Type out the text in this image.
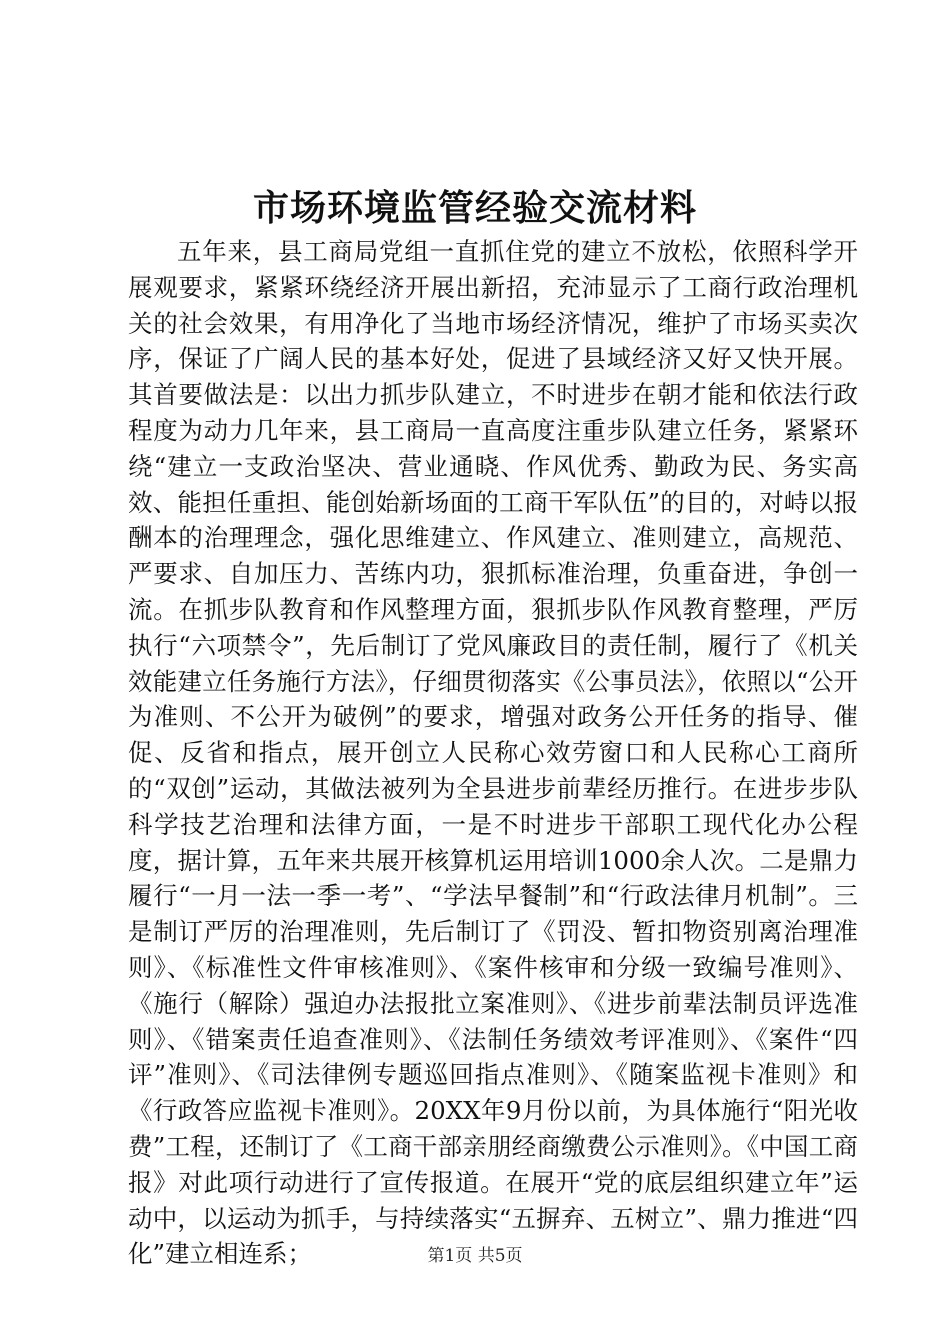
市场环境监管经验交流材料

五年来，县工商局党组一直抓住党的建立不放松，依照科学开展观要求，紧紧环绕经济开展出新招，充沛显示了工商行政治理机关的社会效果，有用净化了当地市场经济情况，维护了市场买卖次序，保证了广阔人民的基本好处，促进了县域经济又好又快开展。其首要做法是：以出力抓步队建立，不时进步在朝才能和依法行政程度为动力几年来，县工商局一直高度注重步队建立任务，紧紧环绕“建立一支政治坚决、营业通晓、作风优秀、勤政为民、务实高效、能担任重担、能创始新场面的工商干军队伍”的目的，对峙以报酬本的治理理念，强化思维建立、作风建立、准则建立，高规范、严要求、自加压力、苦练内功，狠抓标准治理，负重奋进，争创一流。在抓步队教育和作风整理方面，狠抓步队作风教育整理，严厉执行“六项禁令”，先后制订了党风廉政目的责任制，履行了《机关效能建立任务施行方法》，仔细贯彻落实《公事员法》，依照以“公开为准则、不公开为破例”的要求，增强对政务公开任务的指导、催促、反省和指点，展开创立人民称心效劳窗口和人民称心工商所的“双创”运动，其做法被列为全县进步前辈经历推行。在进步步队科学技艺治理和法律方面，一是不时进步干部职工现代化办公程度，据计算，五年来共展开核算机运用培训1000余人次。二是鼎力履行“一月一法一季一考”、“学法早餐制”和“行政法律月机制”。三是制订严厉的治理准则，先后制订了《罚没、暂扣物资别离治理准则》、《标准性文件审核准则》、《案件核审和分级一致编号准则》、《施行（解除）强迫办法报批立案准则》、《进步前辈法制员评选准则》、《错案责任追查准则》、《法制任务绩效考评准则》、《案件“四评”准则》、《司法律例专题巡回指点准则》、《随案监视卡准则》和《行政答应监视卡准则》。20XX年9月份以前，为具体施行“阳光收费”工程，还制订了《工商干部亲朋经商缴费公示准则》。《中国工商报》对此项行动进行了宣传报道。在展开“党的底层组织建立年”运动中，以运动为抓手，与持续落实“五摒弃、五树立”、鼎力推进“四化”建立相连系；	第1页 共5页
